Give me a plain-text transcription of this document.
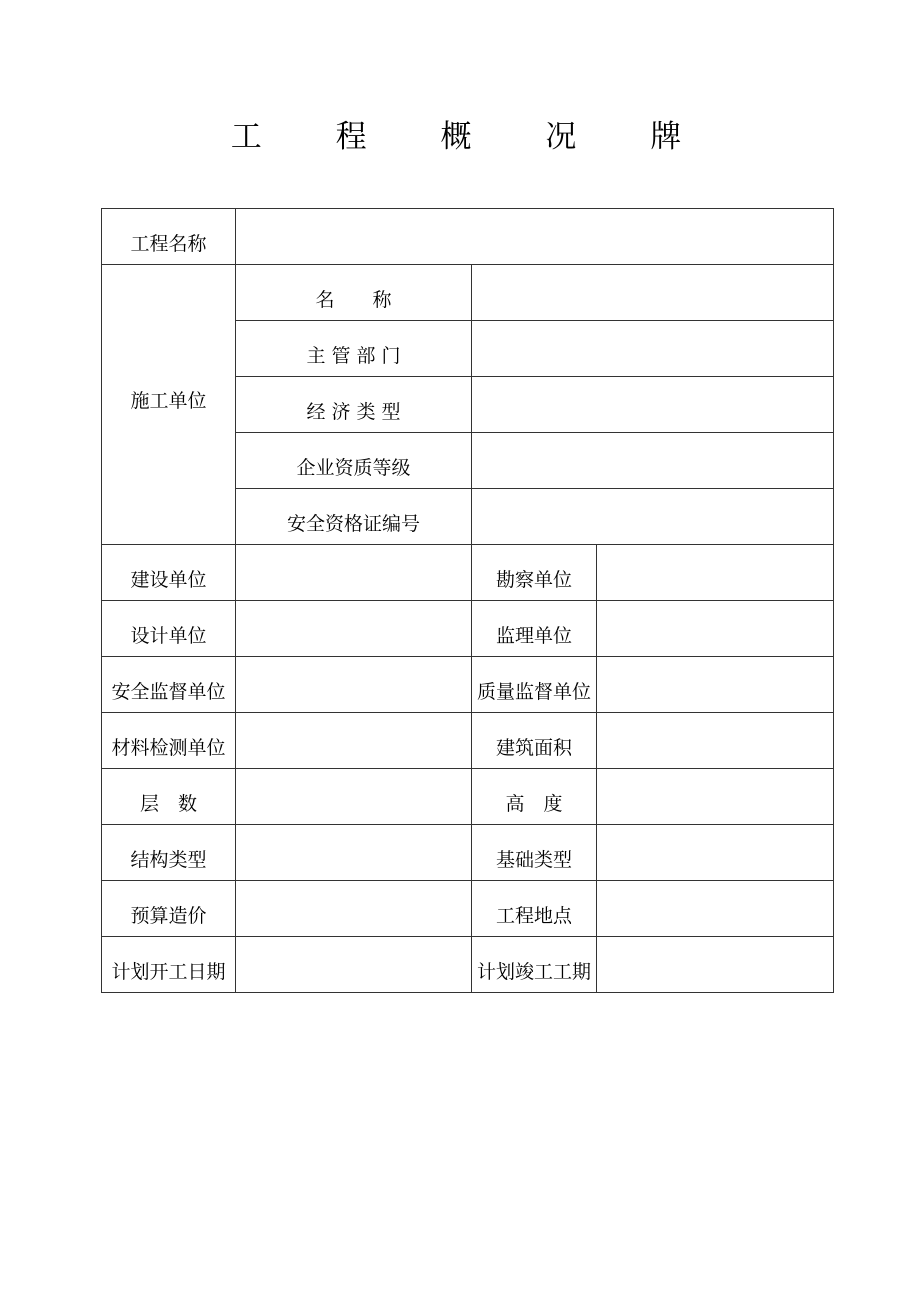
工 程 概 况 牌
工程名称			
施工单位	名　　称		
	主 管 部 门		
	经 济 类 型		
	企业资质等级		
	安全资格证编号		
建设单位		勘察单位	
设计单位		监理单位	
安全监督单位		质量监督单位	
材料检测单位		建筑面积	
层　数		高　度	
结构类型		基础类型	
预算造价		工程地点	
计划开工日期		计划竣工工期	
